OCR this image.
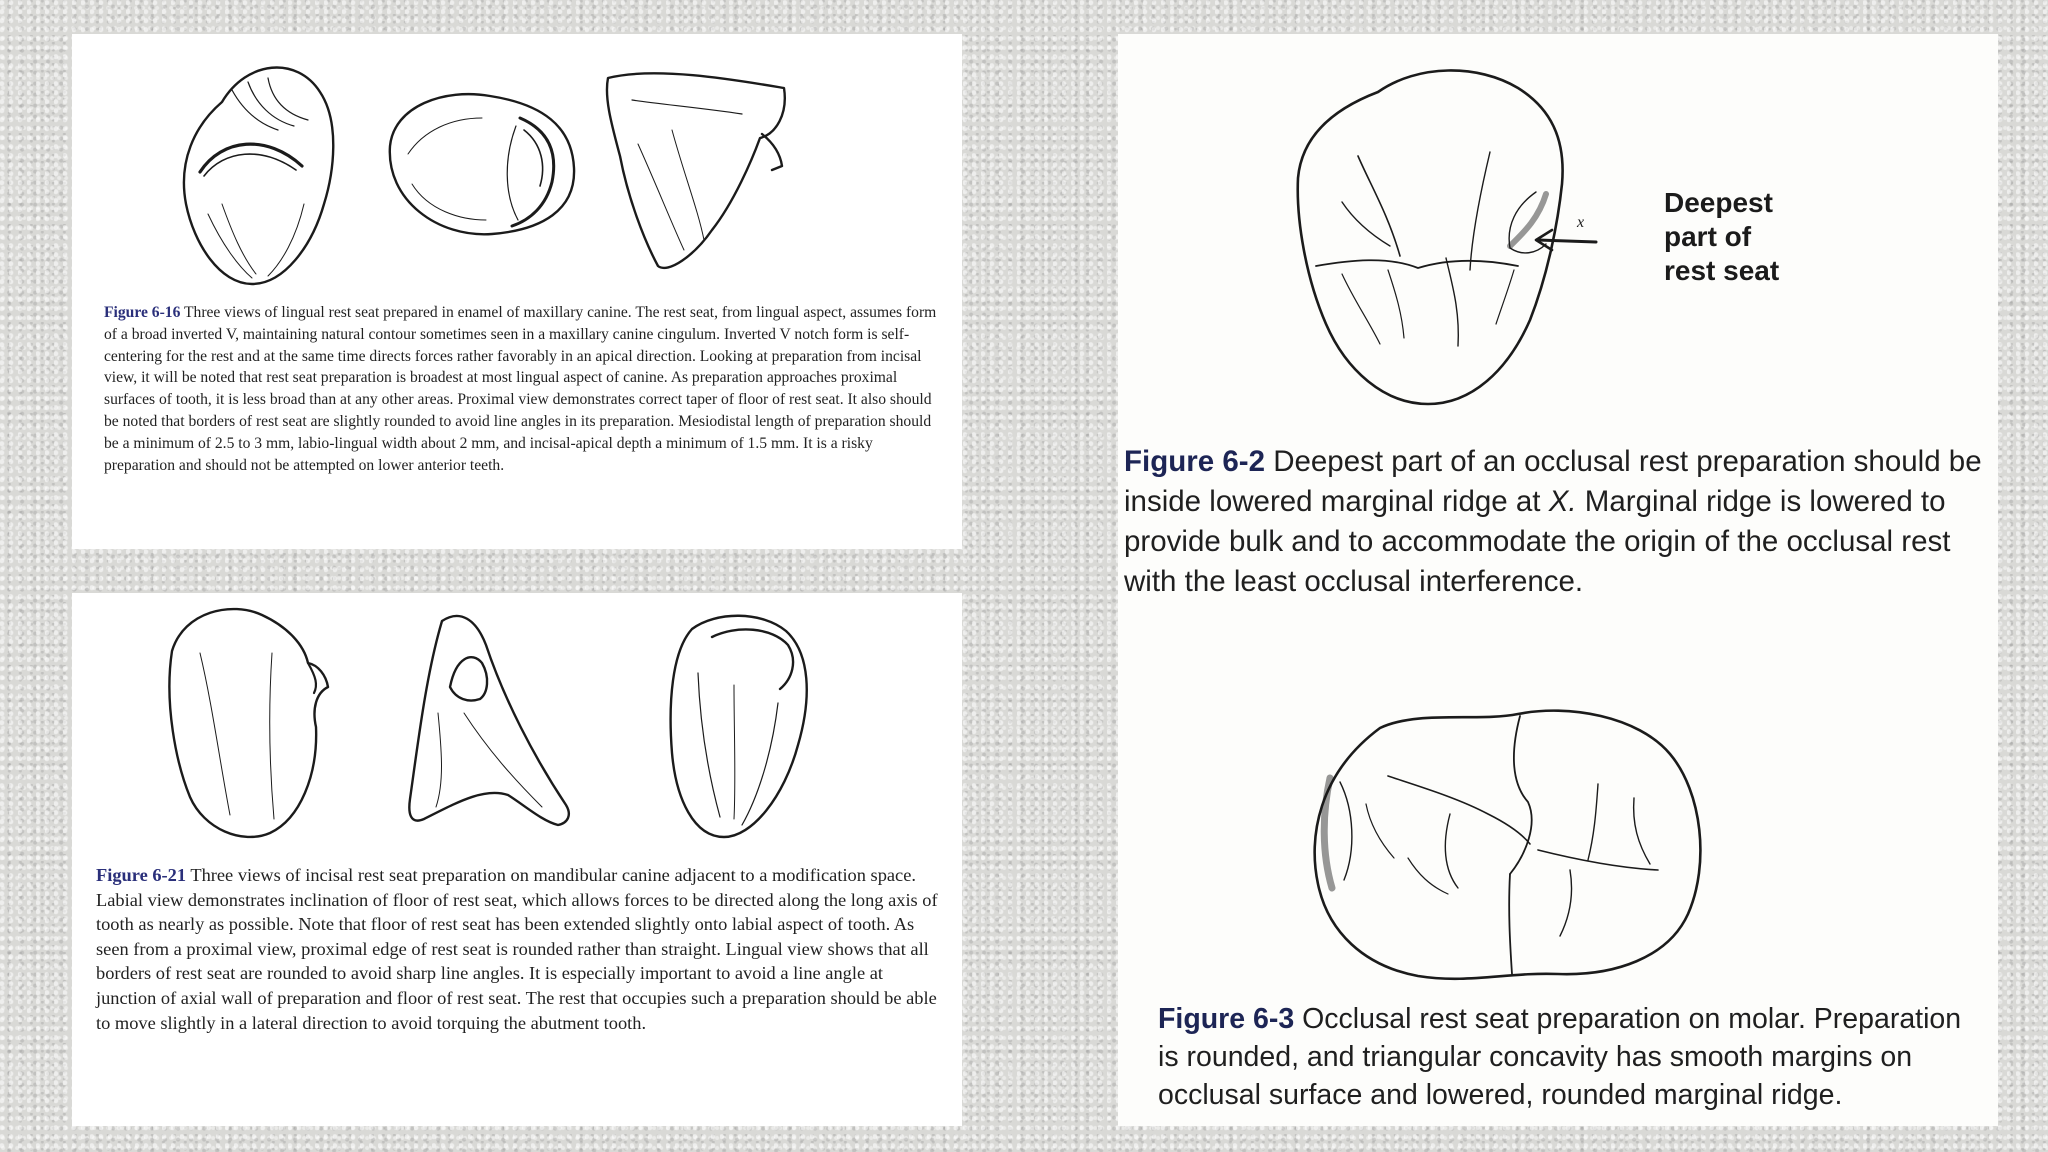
Figure 6-16 Three views of lingual rest seat prepared in enamel of maxillary canine. The rest seat, from lingual aspect, assumes form of a broad inverted V, maintaining natural contour sometimes seen in a maxillary canine cingulum. Inverted V notch form is self-centering for the rest and at the same time directs forces rather favorably in an apical direction. Looking at preparation from incisal view, it will be noted that rest seat preparation is broadest at most lingual aspect of canine. As preparation approaches proximal surfaces of tooth, it is less broad than at any other areas. Proximal view demonstrates correct taper of floor of rest seat. It also should be noted that borders of rest seat are slightly rounded to avoid line angles in its preparation. Mesiodistal length of preparation should be a minimum of 2.5 to 3 mm, labio-lingual width about 2 mm, and incisal-apical depth a minimum of 1.5 mm. It is a risky preparation and should not be attempted on lower anterior teeth.

Figure 6-21 Three views of incisal rest seat preparation on mandibular canine adjacent to a modification space. Labial view demonstrates inclination of floor of rest seat, which allows forces to be directed along the long axis of tooth as nearly as possible. Note that floor of rest seat has been extended slightly onto labial aspect of tooth. As seen from a proximal view, proximal edge of rest seat is rounded rather than straight. Lingual view shows that all borders of rest seat are rounded to avoid sharp line angles. It is especially important to avoid a line angle at junction of axial wall of preparation and floor of rest seat. The rest that occupies such a preparation should be able to move slightly in a lateral direction to avoid torquing the abutment tooth.

x

Deepest
part of
rest seat

Figure 6-2 Deepest part of an occlusal rest preparation should be inside lowered marginal ridge at X. Marginal ridge is lowered to provide bulk and to accommodate the origin of the occlusal rest with the least occlusal interference.

Figure 6-3 Occlusal rest seat preparation on molar. Preparation is rounded, and triangular concavity has smooth margins on occlusal surface and lowered, rounded marginal ridge.
